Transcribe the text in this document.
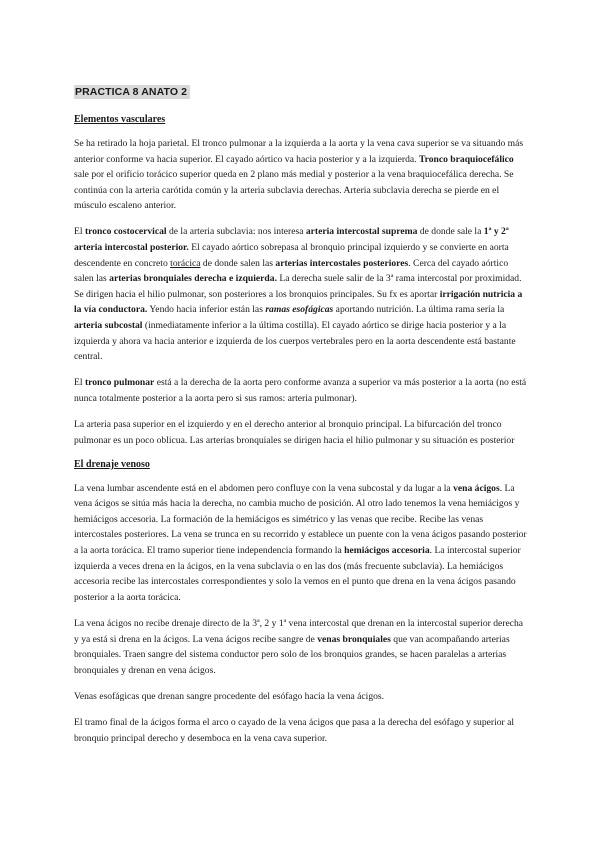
PRACTICA 8 ANATO 2
Elementos vasculares

Se ha retirado la hoja parietal. El tronco pulmonar a la izquierda a la aorta y la vena cava superior se va situando más anterior conforme va hacia superior. El cayado aórtico va hacia posterior y a la izquierda. Tronco braquiocefálico sale por el orificio torácico superior queda en 2 plano más medial y posterior a la vena braquiocefálica derecha. Se continúa con la arteria carótida común y la arteria subclavia derechas. Arteria subclavia derecha se pierde en el músculo escaleno anterior.

El tronco costocervical de la arteria subclavia: nos interesa arteria intercostal suprema de donde sale la 1ª y 2ª arteria intercostal posterior. El cayado aórtico sobrepasa al bronquio principal izquierdo y se convierte en aorta descendente en concreto torácica de donde salen las arterias intercostales posteriores. Cerca del cayado aórtico salen las arterias bronquiales derecha e izquierda. La derecha suele salir de la 3ª rama intercostal por proximidad. Se dirigen hacia el hilio pulmonar, son posteriores a los bronquios principales. Su fx es aportar irrigación nutricia a la vía conductora. Yendo hacia inferior están las ramas esofágicas aportando nutrición. La última rama sería la arteria subcostal (inmediatamente inferior a la última costilla). El cayado aórtico se dirige hacia posterior y a la izquierda y ahora va hacia anterior e izquierda de los cuerpos vertebrales pero en la aorta descendente está bastante central.

El tronco pulmonar está a la derecha de la aorta pero conforme avanza a superior va más posterior a la aorta (no está nunca totalmente posterior a la aorta pero si sus ramos: arteria pulmonar).

La arteria pasa superior en el izquierdo y en el derecho anterior al bronquio principal. La bifurcación del tronco pulmonar es un poco oblicua. Las arterias bronquiales se dirigen hacia el hilio pulmonar y su situación es posterior

El drenaje venoso

La vena lumbar ascendente está en el abdomen pero confluye con la vena subcostal y da lugar a la vena ácigos. La vena ácigos se sitúa más hacia la derecha, no cambia mucho de posición. Al otro lado tenemos la vena hemiácigos y hemiácigos accesoria. La formación de la hemiácigos es simétrico y las venas que recibe. Recibe las venas intercostales posteriores. La vena se trunca en su recorrido y establece un puente con la vena ácigos pasando posterior a la aorta torácica. El tramo superior tiene independencia formando la hemiácigos accesoria. La intercostal superior izquierda a veces drena en la ácigos, en la vena subclavia o en las dos (más frecuente subclavia). La hemiácigos accesoria recibe las intercostales correspondientes y solo la vemos en el punto que drena en la vena ácigos pasando posterior a la aorta torácica.

La vena ácigos no recibe drenaje directo de la 3ª, 2 y 1ª vena intercostal que drenan en la intercostal superior derecha y ya está si drena en la ácigos. La vena ácigos recibe sangre de venas bronquiales que van acompañando arterias bronquiales. Traen sangre del sistema conductor pero solo de los bronquios grandes, se hacen paralelas a arterias bronquiales y drenan en vena ácigos.

Venas esofágicas que drenan sangre procedente del esófago hacia la vena ácigos.

El tramo final de la ácigos forma el arco o cayado de la vena ácigos que pasa a la derecha del esófago y superior al bronquio principal derecho y desemboca en la vena cava superior.
